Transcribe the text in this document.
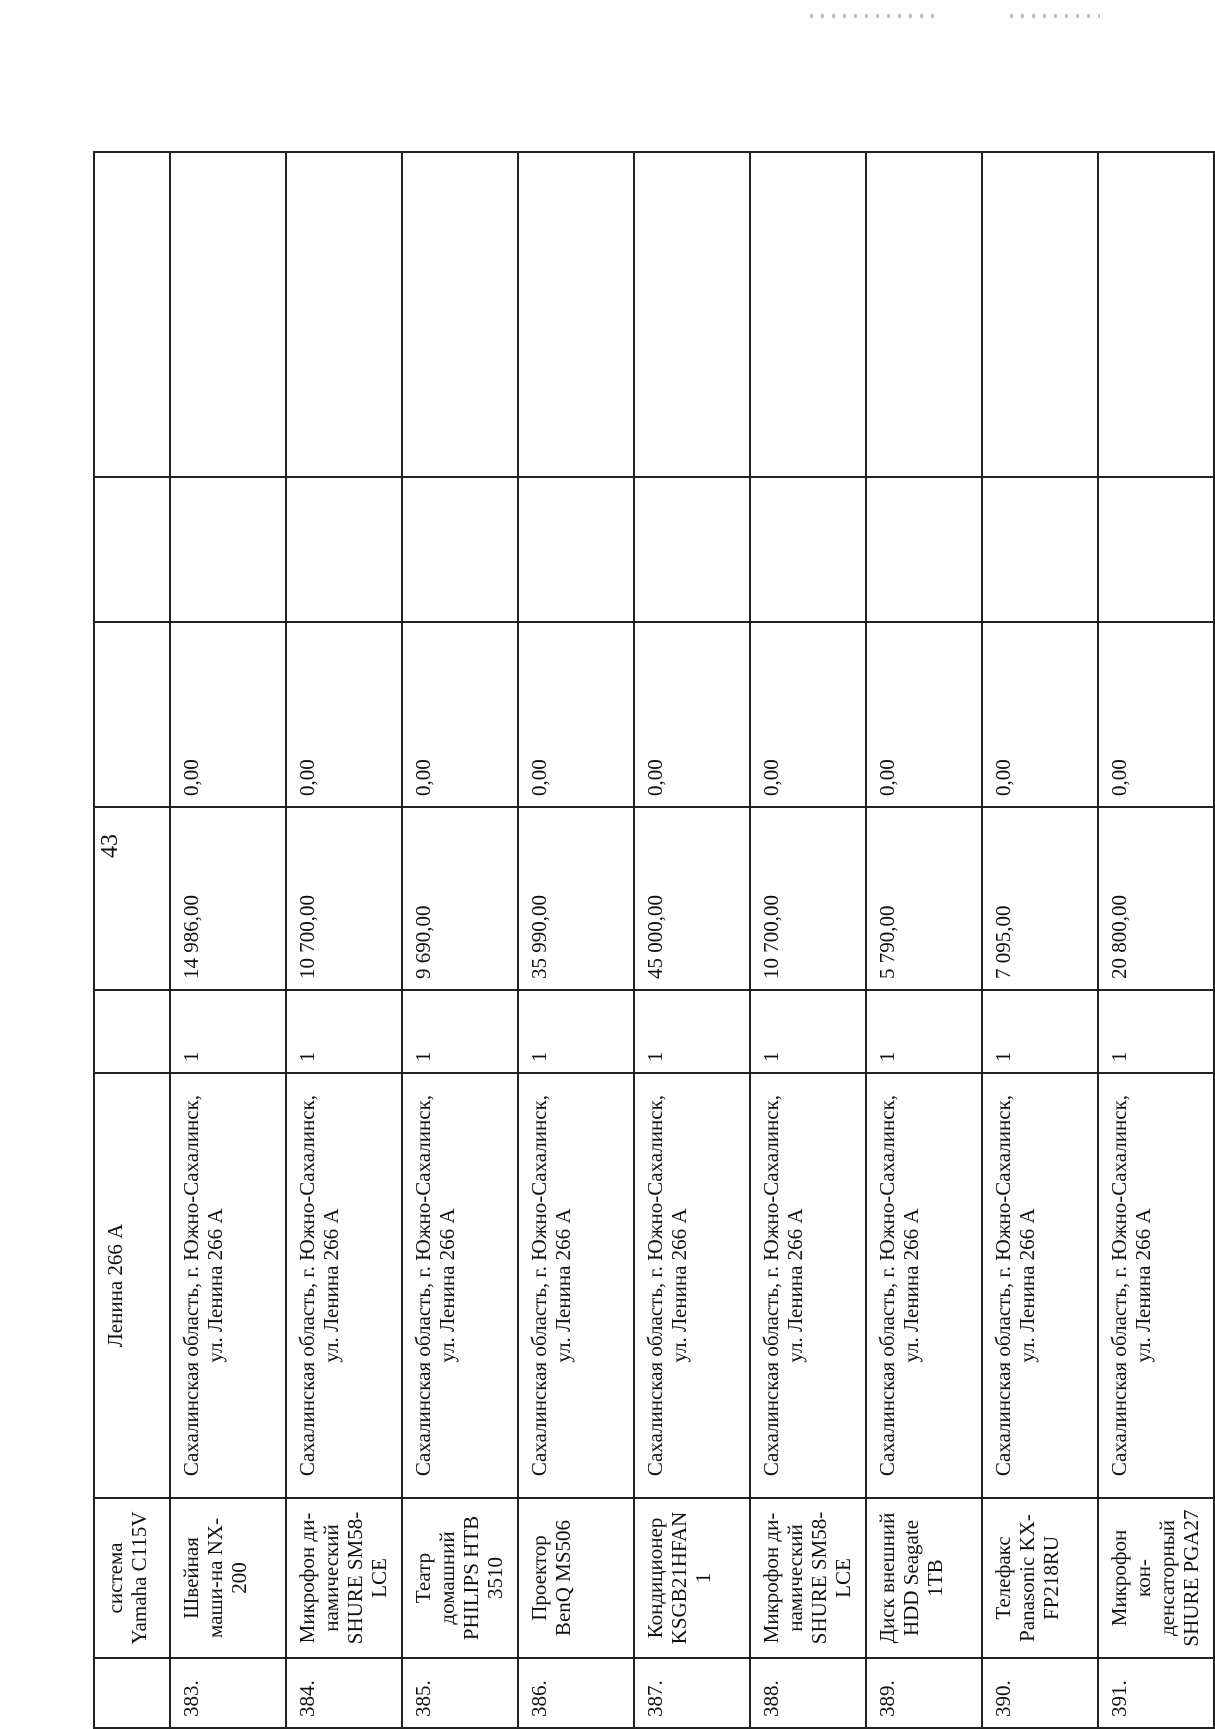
43
	система Yamaha C115V	Ленина 266 А					
383.	Швейная маши-на NX-200	Сахалинская область, г. Южно-Сахалинск, ул. Ленина 266 А	1	14 986,00	0,00		
384.	Микрофон ди-намический SHURE SM58-LCE	Сахалинская область, г. Южно-Сахалинск, ул. Ленина 266 А	1	10 700,00	0,00		
385.	Театр домашний PHILIPS HTB 3510	Сахалинская область, г. Южно-Сахалинск, ул. Ленина 266 А	1	9 690,00	0,00		
386.	Проектор BenQ MS506	Сахалинская область, г. Южно-Сахалинск, ул. Ленина 266 А	1	35 990,00	0,00		
387.	Кондиционер KSGB21HFAN1	Сахалинская область, г. Южно-Сахалинск, ул. Ленина 266 А	1	45 000,00	0,00		
388.	Микрофон ди-намический SHURE SM58-LCE	Сахалинская область, г. Южно-Сахалинск, ул. Ленина 266 А	1	10 700,00	0,00		
389.	Диск внешний HDD Seagate 1TB	Сахалинская область, г. Южно-Сахалинск, ул. Ленина 266 А	1	5 790,00	0,00		
390.	Телефакс Panasonic KX-FP218RU	Сахалинская область, г. Южно-Сахалинск, ул. Ленина 266 А	1	7 095,00	0,00		
391.	Микрофон кон-денсаторный SHURE PGA27	Сахалинская область, г. Южно-Сахалинск, ул. Ленина 266 А	1	20 800,00	0,00		
